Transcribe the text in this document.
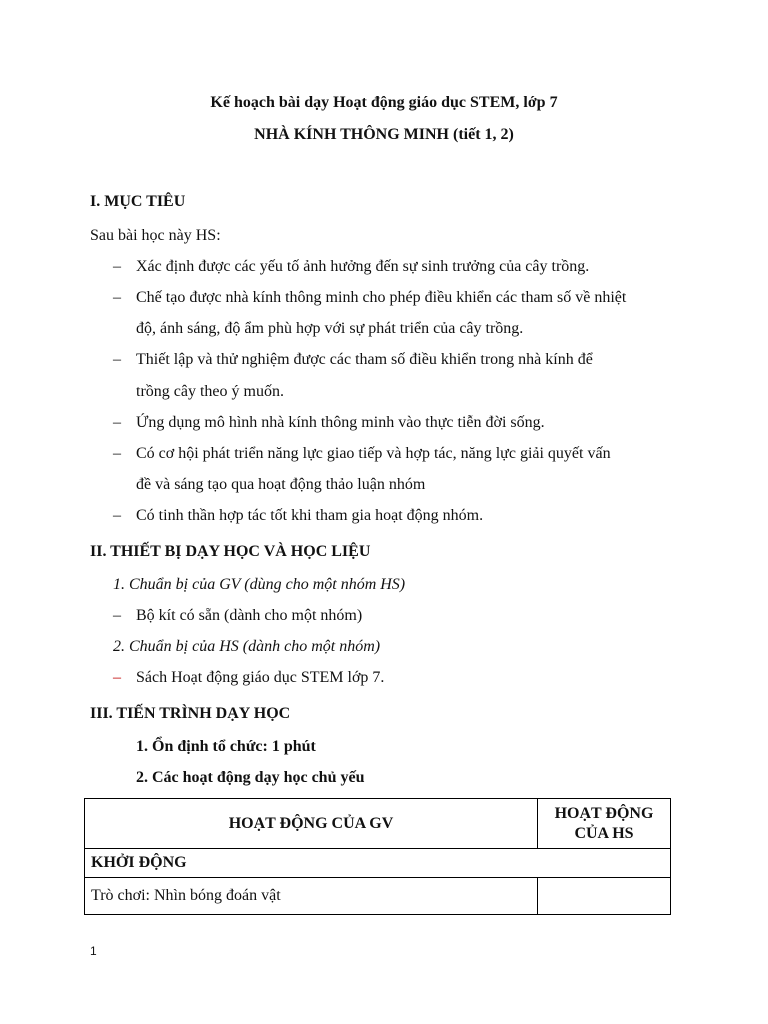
Kế hoạch bài dạy Hoạt động giáo dục STEM, lớp 7
NHÀ KÍNH THÔNG MINH (tiết 1, 2)
I. MỤC TIÊU
Sau bài học này HS:
– Xác định được các yếu tố ảnh hưởng đến sự sinh trưởng của cây trồng.
– Chế tạo được nhà kính thông minh cho phép điều khiển các tham số về nhiệt
độ, ánh sáng, độ ẩm phù hợp với sự phát triển của cây trồng.
– Thiết lập và thử nghiệm được các tham số điều khiển trong nhà kính để
trồng cây theo ý muốn.
– Ứng dụng mô hình nhà kính thông minh vào thực tiễn đời sống.
– Có cơ hội phát triển năng lực giao tiếp và hợp tác, năng lực giải quyết vấn
đề và sáng tạo qua hoạt động thảo luận nhóm
– Có tinh thần hợp tác tốt khi tham gia hoạt động nhóm.
II. THIẾT BỊ DẠY HỌC VÀ HỌC LIỆU
1. Chuẩn bị của GV (dùng cho một nhóm HS)
– Bộ kít có sẵn (dành cho một nhóm)
2. Chuẩn bị của HS (dành cho một nhóm)
– Sách Hoạt động giáo dục STEM lớp 7.
III. TIẾN TRÌNH DẠY HỌC
1. Ổn định tổ chức: 1 phút
2. Các hoạt động dạy học chủ yếu
HOẠT ĐỘNG CỦA GV	HOẠT ĐỘNG
CỦA HS

KHỞI ĐỘNG	
Trò chơi: Nhìn bóng đoán vật	
1
